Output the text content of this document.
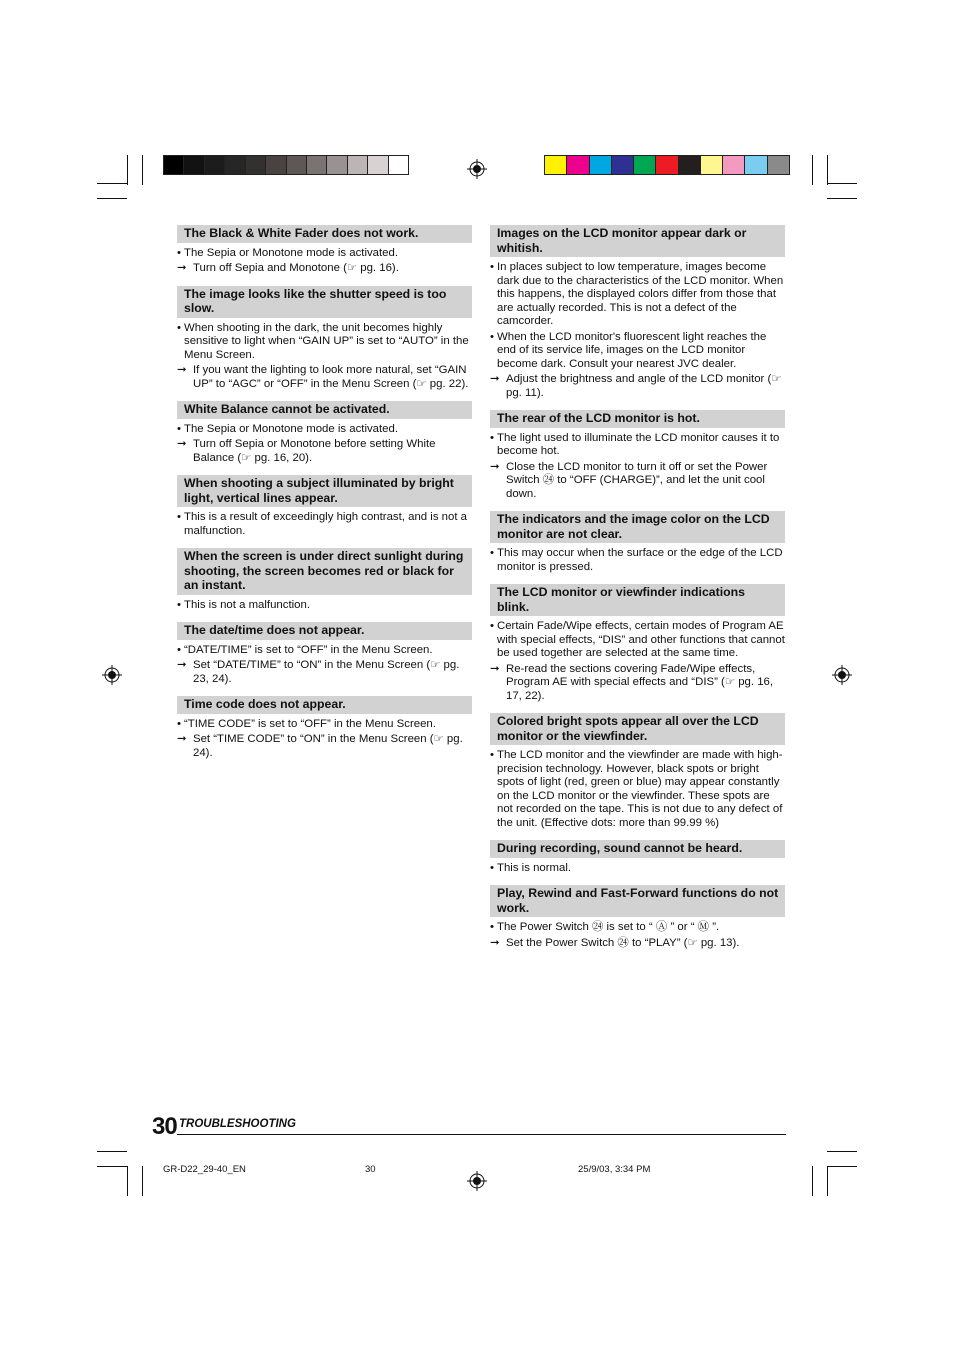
The Black & White Fader does not work.
• The Sepia or Monotone mode is activated.
➞ Turn off Sepia and Monotone (☞ pg. 16).
The image looks like the shutter speed is too slow.
• When shooting in the dark, the unit becomes highly sensitive to light when “GAIN UP” is set to “AUTO” in the Menu Screen.
➞ If you want the lighting to look more natural, set “GAIN UP” to “AGC” or “OFF” in the Menu Screen (☞ pg. 22).
White Balance cannot be activated.
• The Sepia or Monotone mode is activated.
➞ Turn off Sepia or Monotone before setting White Balance (☞ pg. 16, 20).
When shooting a subject illuminated by bright light, vertical lines appear.
• This is a result of exceedingly high contrast, and is not a malfunction.
When the screen is under direct sunlight during shooting, the screen becomes red or black for an instant.
• This is not a malfunction.
The date/time does not appear.
• “DATE/TIME” is set to “OFF” in the Menu Screen.
➞ Set “DATE/TIME” to “ON” in the Menu Screen (☞ pg. 23, 24).
Time code does not appear.
• “TIME CODE” is set to “OFF” in the Menu Screen.
➞ Set “TIME CODE” to “ON” in the Menu Screen (☞ pg. 24).
Images on the LCD monitor appear dark or whitish.
• In places subject to low temperature, images become dark due to the characteristics of the LCD monitor. When this happens, the displayed colors differ from those that are actually recorded. This is not a defect of the camcorder.
• When the LCD monitor's fluorescent light reaches the end of its service life, images on the LCD monitor become dark. Consult your nearest JVC dealer.
➞ Adjust the brightness and angle of the LCD monitor (☞ pg. 11).
The rear of the LCD monitor is hot.
• The light used to illuminate the LCD monitor causes it to become hot.
➞ Close the LCD monitor to turn it off or set the Power Switch ㉔ to “OFF (CHARGE)”, and let the unit cool down.
The indicators and the image color on the LCD monitor are not clear.
• This may occur when the surface or the edge of the LCD monitor is pressed.
The LCD monitor or viewfinder indications blink.
• Certain Fade/Wipe effects, certain modes of Program AE with special effects, “DIS” and other functions that cannot be used together are selected at the same time.
➞ Re-read the sections covering Fade/Wipe effects, Program AE with special effects and “DIS” (☞ pg. 16, 17, 22).
Colored bright spots appear all over the LCD monitor or the viewfinder.
• The LCD monitor and the viewfinder are made with high-precision technology. However, black spots or bright spots of light (red, green or blue) may appear constantly on the LCD monitor or the viewfinder. These spots are not recorded on the tape. This is not due to any defect of the unit. (Effective dots: more than 99.99 %)
During recording, sound cannot be heard.
• This is normal.
Play, Rewind and Fast-Forward functions do not work.
• The Power Switch ㉔ is set to “ Ⓐ ” or “ Ⓜ ”.
➞ Set the Power Switch ㉔ to “PLAY” (☞ pg. 13).
30 TROUBLESHOOTING
GR-D22_29-40_EN	30	25/9/03, 3:34 PM
